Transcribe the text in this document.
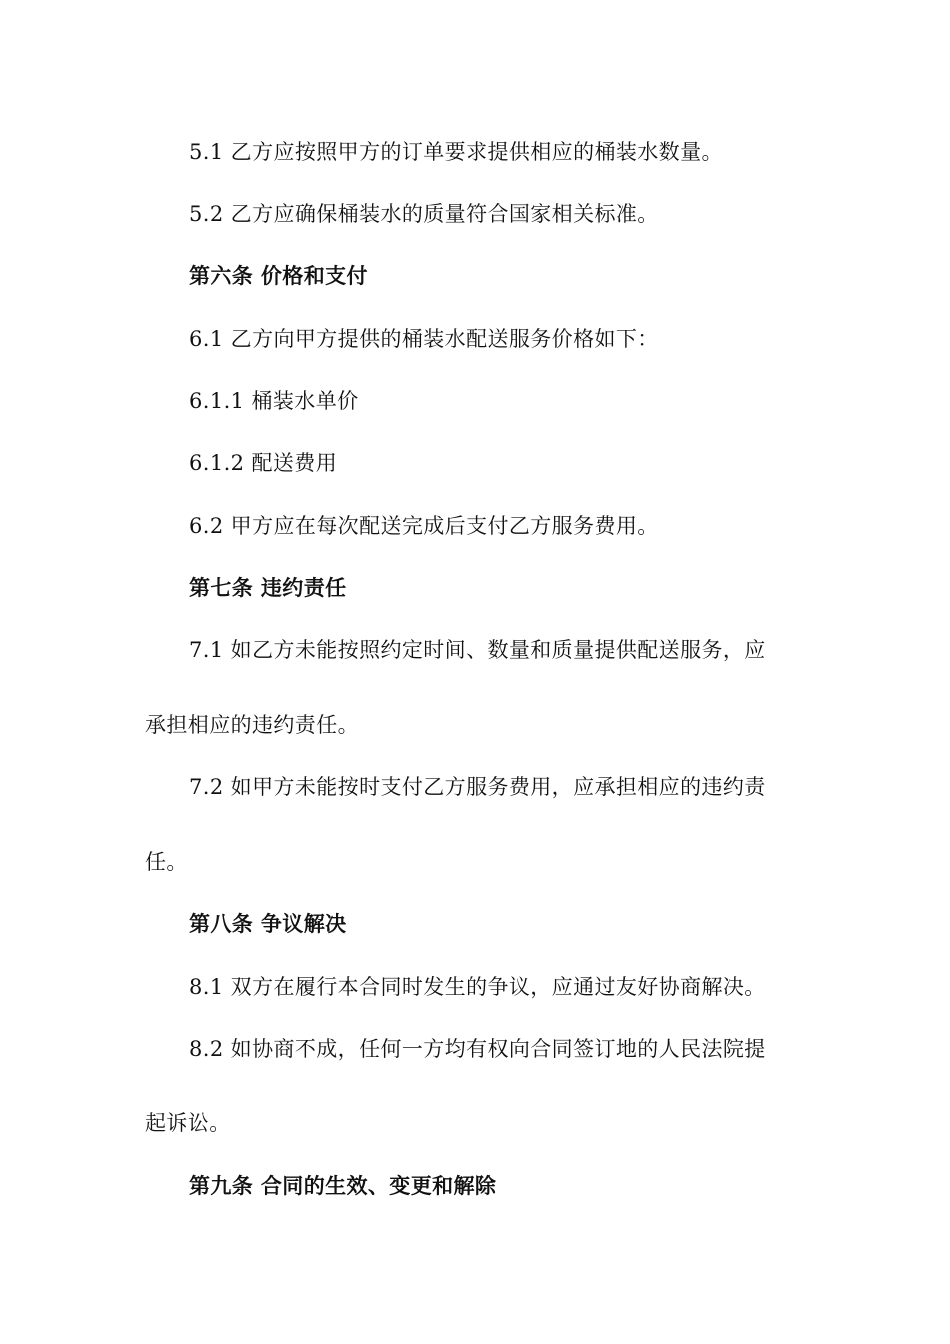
5.1 乙方应按照甲方的订单要求提供相应的桶装水数量。
5.2 乙方应确保桶装水的质量符合国家相关标准。
第六条 价格和支付
6.1 乙方向甲方提供的桶装水配送服务价格如下：
6.1.1 桶装水单价
6.1.2 配送费用
6.2 甲方应在每次配送完成后支付乙方服务费用。
第七条 违约责任
7.1 如乙方未能按照约定时间、数量和质量提供配送服务，应
承担相应的违约责任。
7.2 如甲方未能按时支付乙方服务费用，应承担相应的违约责
任。
第八条 争议解决
8.1 双方在履行本合同时发生的争议，应通过友好协商解决。
8.2 如协商不成，任何一方均有权向合同签订地的人民法院提
起诉讼。
第九条 合同的生效、变更和解除
